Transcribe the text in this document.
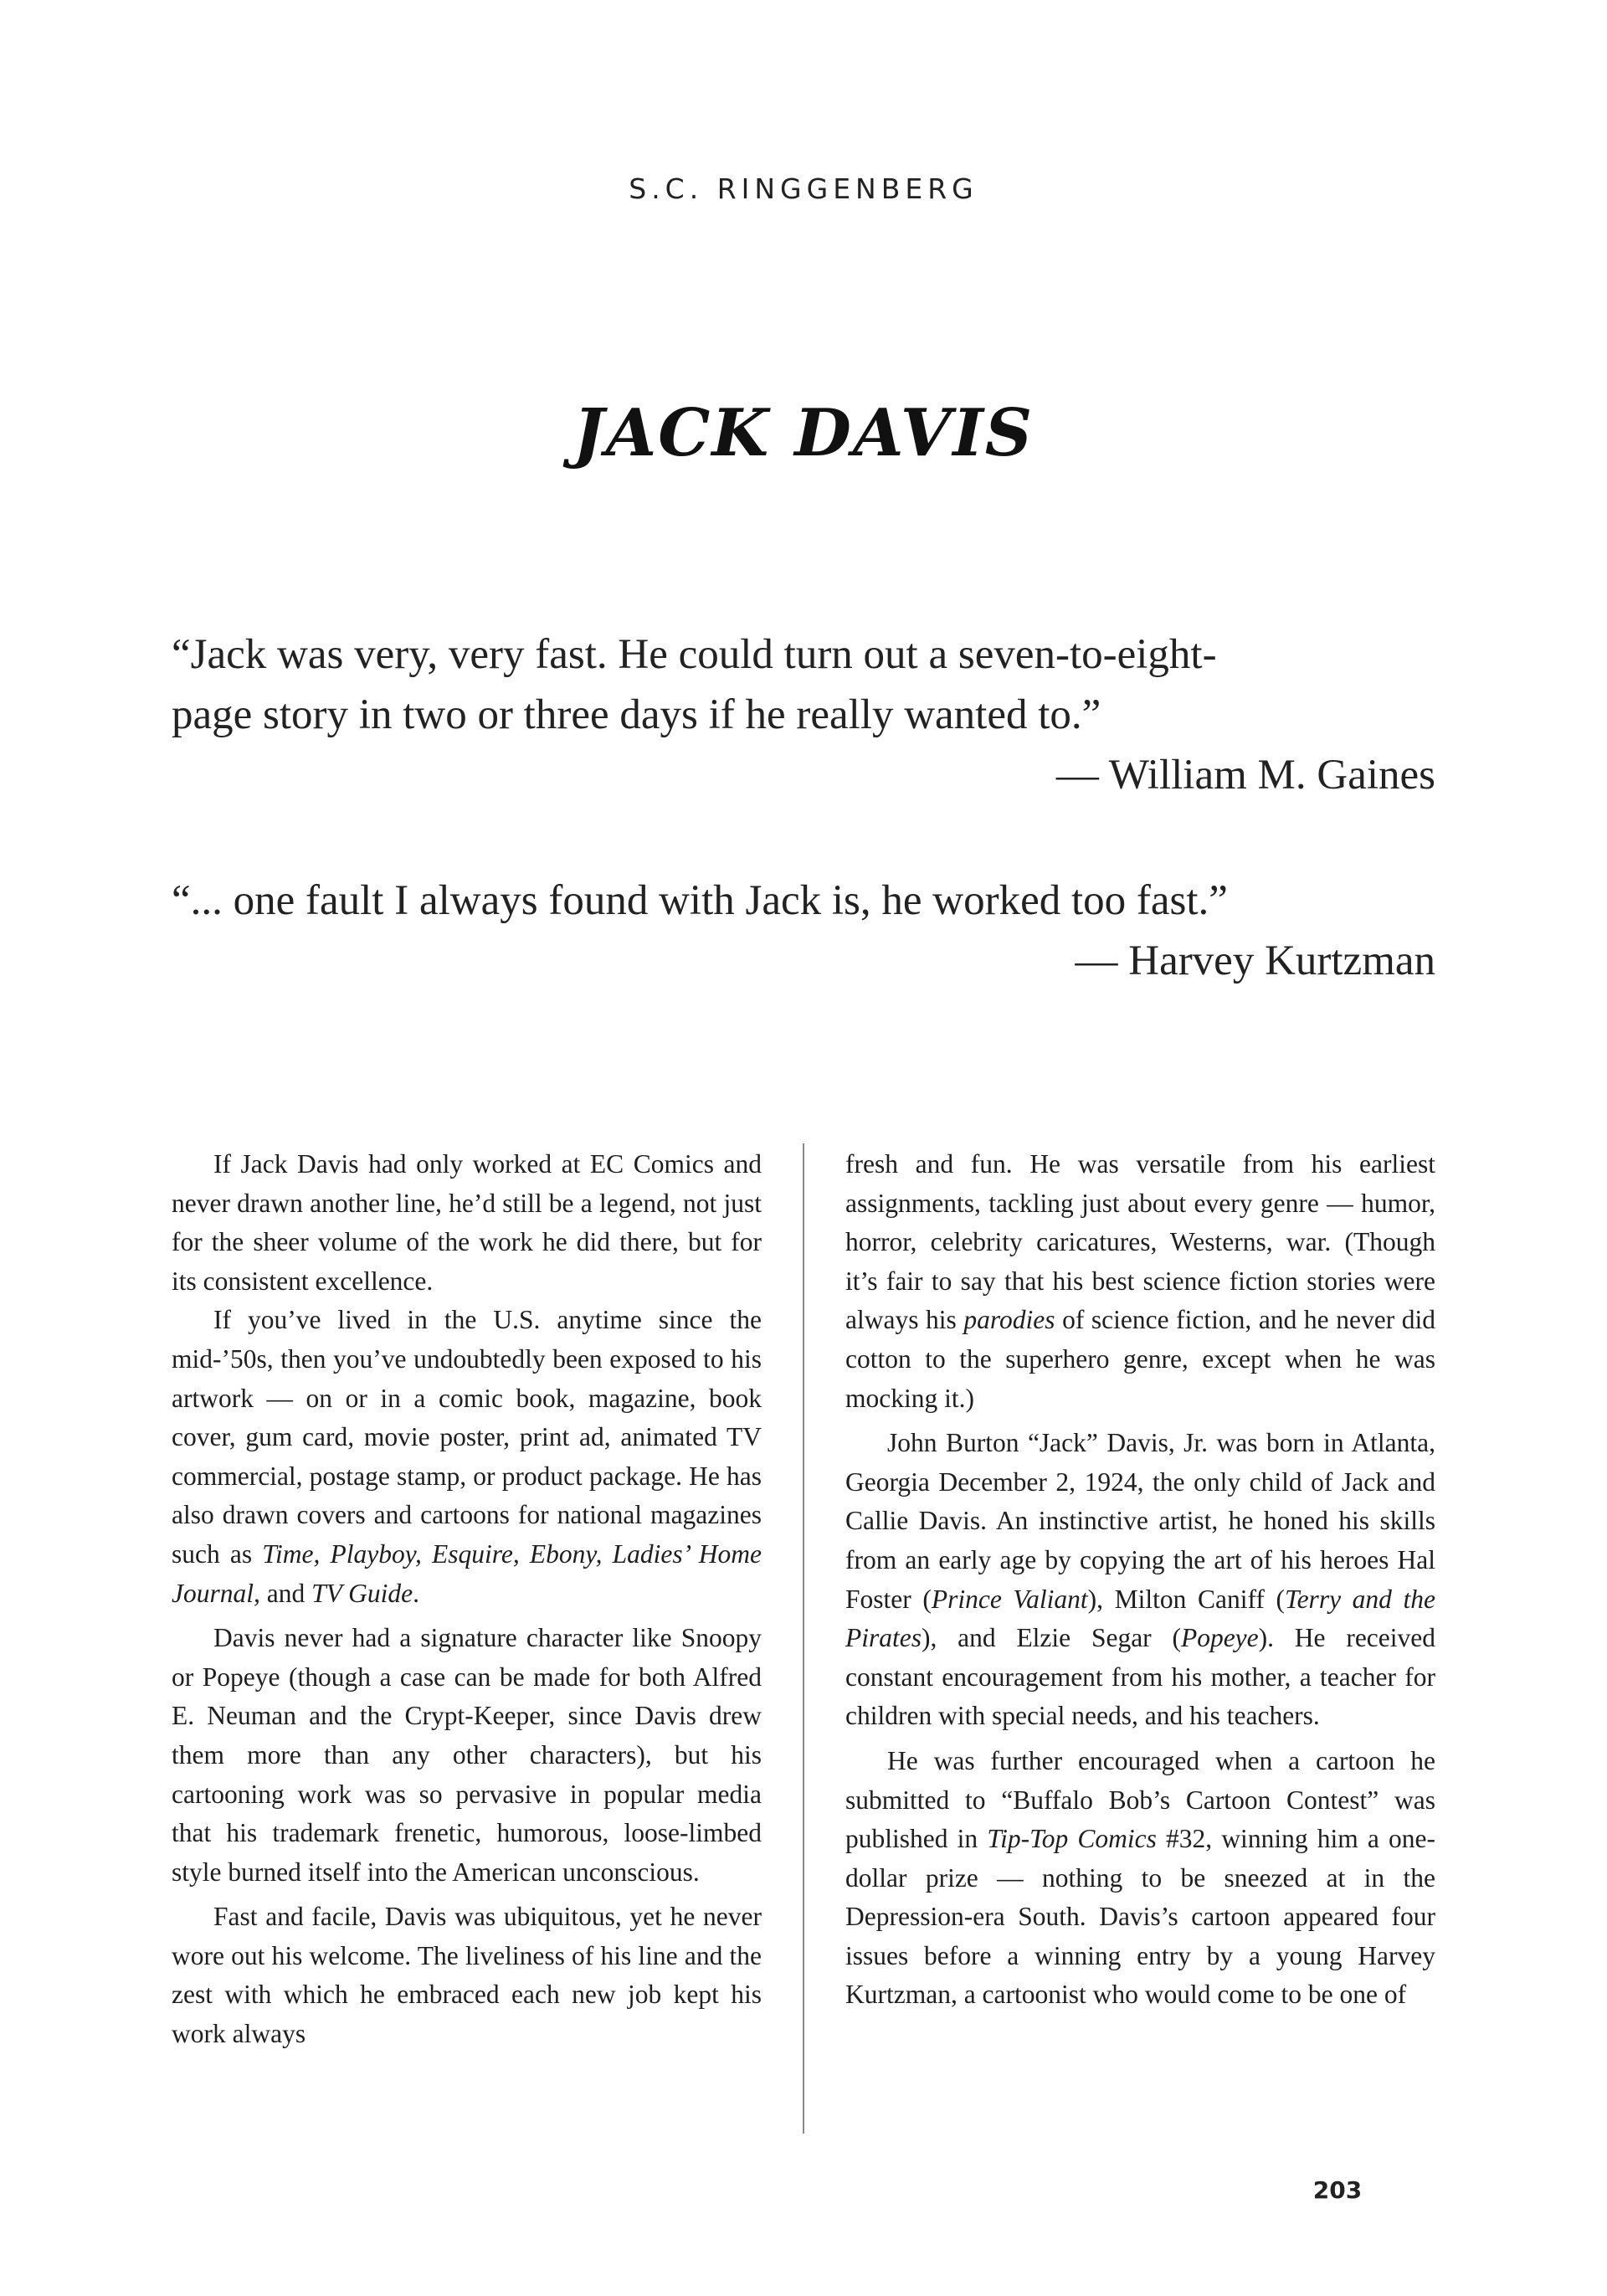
S.C. RINGGENBERG
JACK DAVIS
“Jack was very, very fast. He could turn out a seven-to-eight-
page story in two or three days if he really wanted to.”
— William M. Gaines
“... one fault I always found with Jack is, he worked too fast.”
— Harvey Kurtzman

If Jack Davis had only worked at EC Comics and never drawn another line, he’d still be a legend, not just for the sheer volume of the work he did there, but for its consistent excellence.

If you’ve lived in the U.S. anytime since the mid-’50s, then you’ve undoubtedly been exposed to his artwork — on or in a comic book, magazine, book cover, gum card, movie poster, print ad, animated TV commercial, postage stamp, or product package. He has also drawn covers and cartoons for national magazines such as Time, Playboy, Esquire, Ebony, Ladies’ Home Journal, and TV Guide.

Davis never had a signature character like Snoopy or Popeye (though a case can be made for both Alfred E. Neuman and the Crypt-Keeper, since Davis drew them more than any other characters), but his cartooning work was so pervasive in popular media that his trademark frenetic, humorous, loose-limbed style burned itself into the American unconscious.

Fast and facile, Davis was ubiquitous, yet he never wore out his welcome. The liveliness of his line and the zest with which he embraced each new job kept his work always

fresh and fun. He was versatile from his earliest assignments, tackling just about every genre — humor, horror, celebrity caricatures, Westerns, war. (Though it’s fair to say that his best science fiction stories were always his parodies of science fiction, and he never did cotton to the superhero genre, except when he was mocking it.)

John Burton “Jack” Davis, Jr. was born in Atlanta, Georgia December 2, 1924, the only child of Jack and Callie Davis. An instinctive artist, he honed his skills from an early age by copying the art of his heroes Hal Foster (Prince Valiant), Milton Caniff (Terry and the Pirates), and Elzie Segar (Popeye). He received constant encouragement from his mother, a teacher for children with special needs, and his teachers.

He was further encouraged when a cartoon he submitted to “Buffalo Bob’s Cartoon Contest” was published in Tip-Top Comics #32, winning him a one-dollar prize — nothing to be sneezed at in the Depression-era South. Davis’s cartoon appeared four issues before a winning entry by a young Harvey Kurtzman, a cartoonist who would come to be one of

203
